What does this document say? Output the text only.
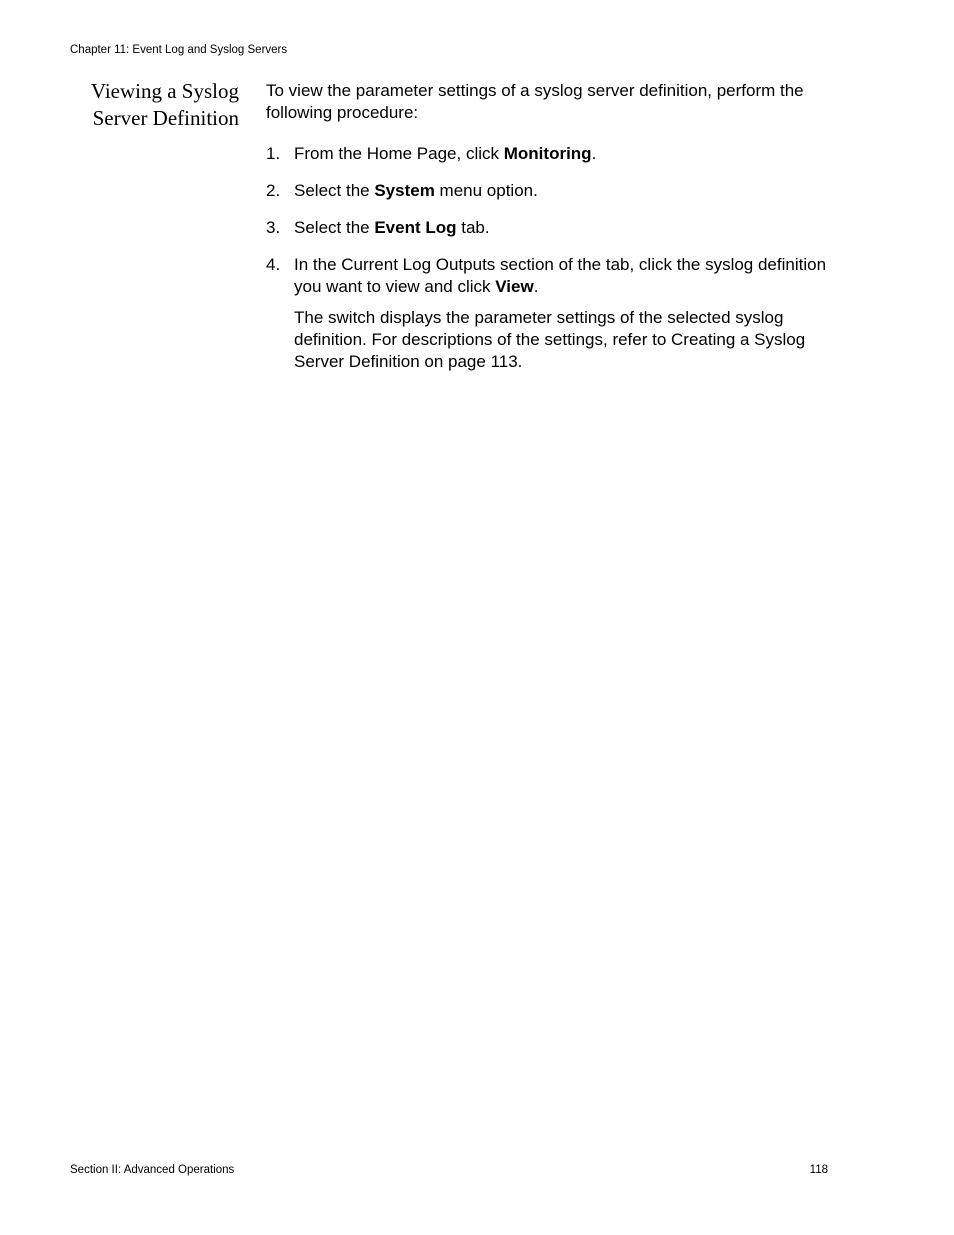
Chapter 11: Event Log and Syslog Servers
Viewing a Syslog
Server Definition

To view the parameter settings of a syslog server definition, perform the following procedure:

1. From the Home Page, click Monitoring.
2. Select the System menu option.
3. Select the Event Log tab.
4. In the Current Log Outputs section of the tab, click the syslog definition you want to view and click View.

The switch displays the parameter settings of the selected syslog definition. For descriptions of the settings, refer to Creating a Syslog Server Definition on page 113.

Section II: Advanced Operations	118
